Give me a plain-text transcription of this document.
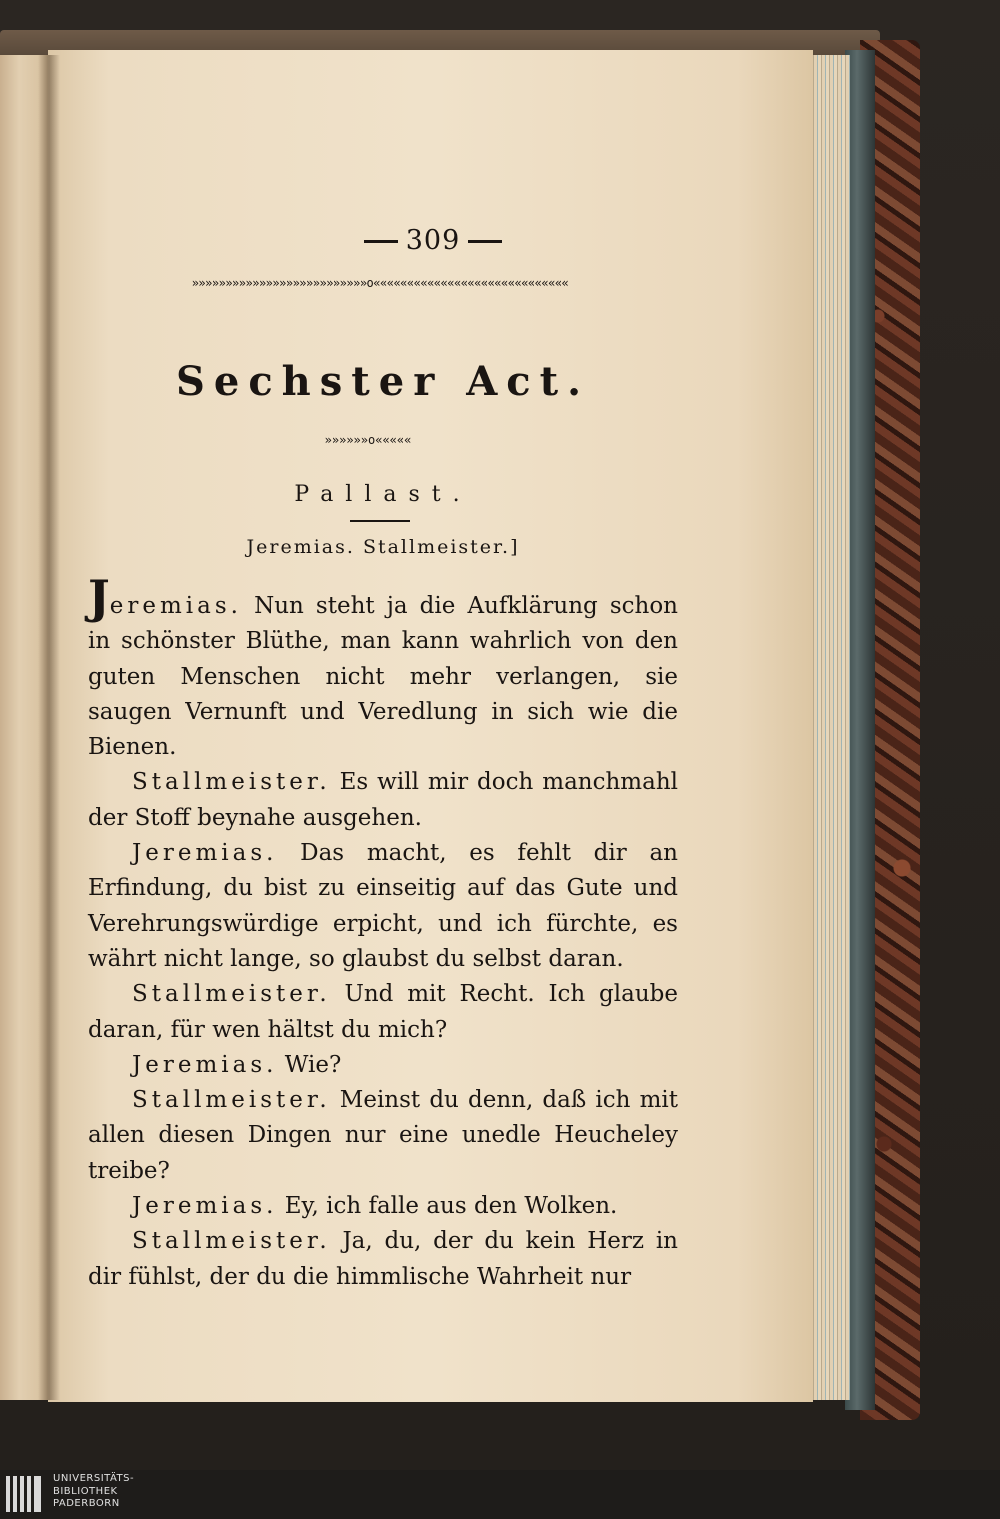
309
»»»»»»»»»»»»»»»»»»»»»»»»»»o«««««««««««««««««««««««««««««
Sechster Act.
»»»»»»o«««««
Pallast.
Jeremias. Stallmeister.]

Jeremias. Nun steht ja die Aufklärung schon in schönster Blüthe, man kann wahrlich von den guten Menschen nicht mehr verlangen, sie saugen Vernunft und Veredlung in sich wie die Bienen.

Stallmeister. Es will mir doch manchmahl der Stoff beynahe ausgehen.

Jeremias. Das macht, es fehlt dir an Erfindung, du bist zu einseitig auf das Gute und Verehrungswürdige erpicht, und ich fürchte, es währt nicht lange, so glaubst du selbst daran.

Stallmeister. Und mit Recht. Ich glaube daran, für wen hältst du mich?

Jeremias. Wie?

Stallmeister. Meinst du denn, daß ich mit allen diesen Dingen nur eine unedle Heucheley treibe?

Jeremias. Ey, ich falle aus den Wolken.

Stallmeister. Ja, du, der du kein Herz in dir fühlst, der du die himmlische Wahrheit nur

UNIVERSITÄTS-
BIBLIOTHEK
PADERBORN
